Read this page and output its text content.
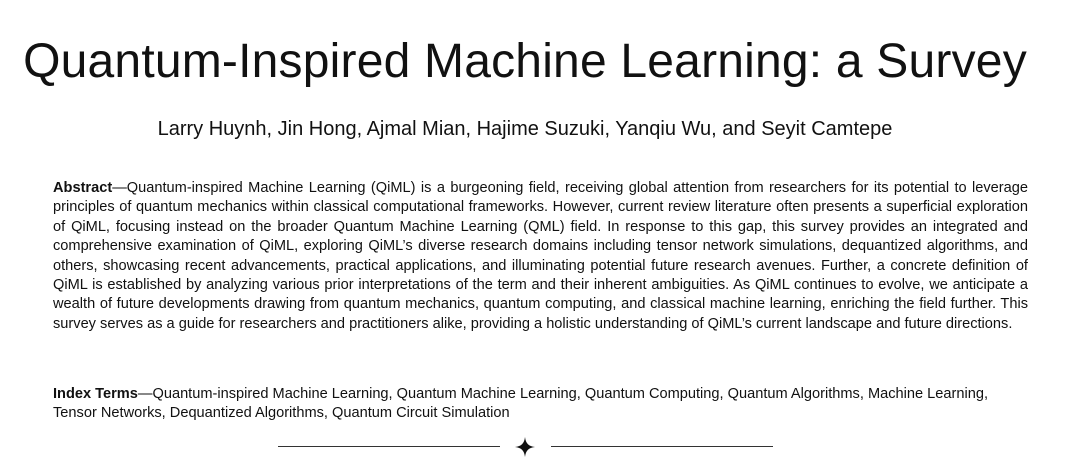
Quantum-Inspired Machine Learning: a Survey
Larry Huynh, Jin Hong, Ajmal Mian, Hajime Suzuki, Yanqiu Wu, and Seyit Camtepe

Abstract—Quantum-inspired Machine Learning (QiML) is a burgeoning field, receiving global attention from researchers for its potential to leverage principles of quantum mechanics within classical computational frameworks. However, current review literature often presents a superficial exploration of QiML, focusing instead on the broader Quantum Machine Learning (QML) field. In response to this gap, this survey provides an integrated and comprehensive examination of QiML, exploring QiML’s diverse research domains including tensor network simulations, dequantized algorithms, and others, showcasing recent advancements, practical applications, and illuminating potential future research avenues. Further, a concrete definition of QiML is established by analyzing various prior interpretations of the term and their inherent ambiguities. As QiML continues to evolve, we anticipate a wealth of future developments drawing from quantum mechanics, quantum computing, and classical machine learning, enriching the field further. This survey serves as a guide for researchers and practitioners alike, providing a holistic understanding of QiML’s current landscape and future directions.

Index Terms—Quantum-inspired Machine Learning, Quantum Machine Learning, Quantum Computing, Quantum Algorithms, Machine Learning, Tensor Networks, Dequantized Algorithms, Quantum Circuit Simulation
